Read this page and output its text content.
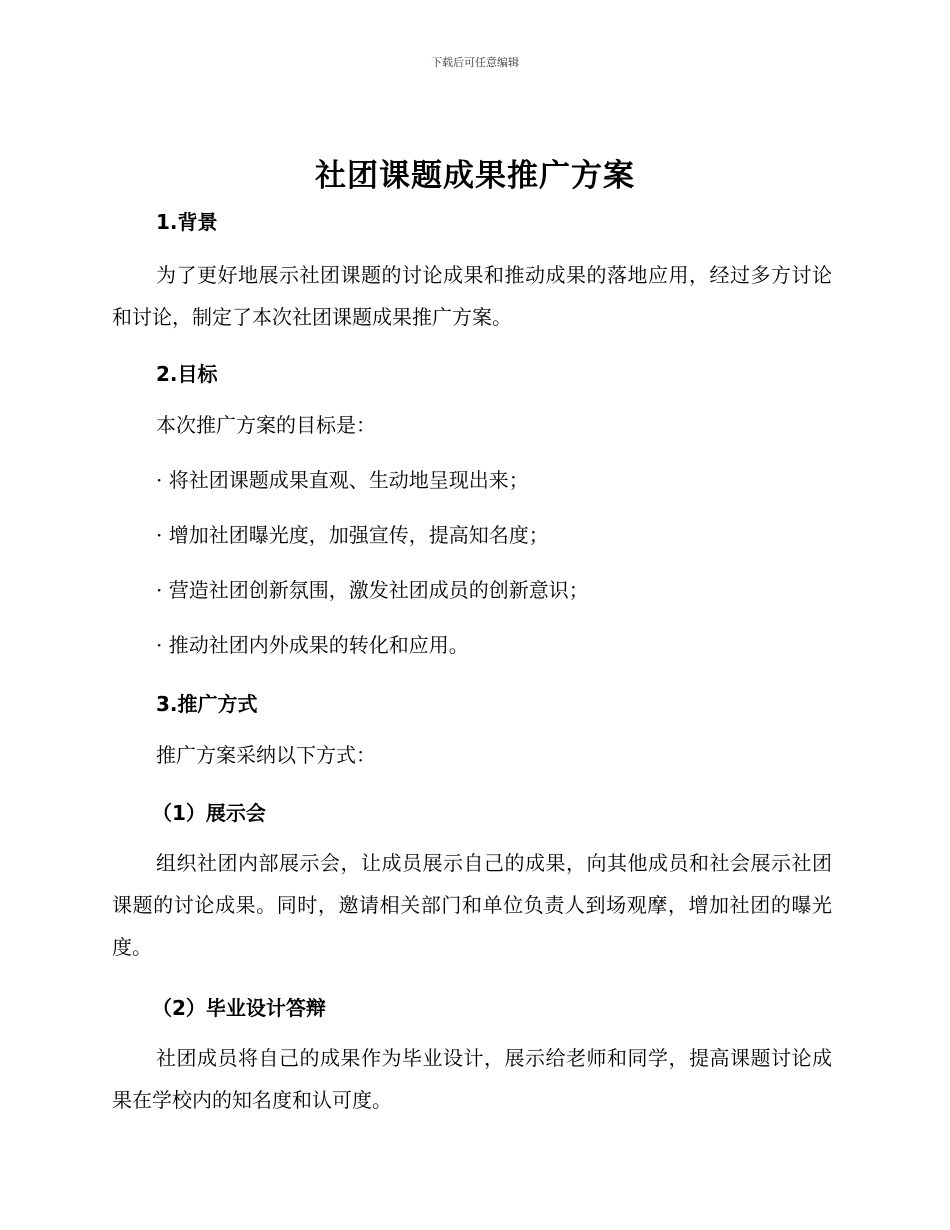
下载后可任意编辑
社团课题成果推广方案
1.背景
为了更好地展示社团课题的讨论成果和推动成果的落地应用，经过多方讨论和讨论，制定了本次社团课题成果推广方案。
2.目标
本次推广方案的目标是：
· 将社团课题成果直观、生动地呈现出来；
· 增加社团曝光度，加强宣传，提高知名度；
· 营造社团创新氛围，激发社团成员的创新意识；
· 推动社团内外成果的转化和应用。
3.推广方式
推广方案采纳以下方式：
（1）展示会
组织社团内部展示会，让成员展示自己的成果，向其他成员和社会展示社团课题的讨论成果。同时，邀请相关部门和单位负责人到场观摩，增加社团的曝光度。
（2）毕业设计答辩
社团成员将自己的成果作为毕业设计，展示给老师和同学，提高课题讨论成果在学校内的知名度和认可度。
